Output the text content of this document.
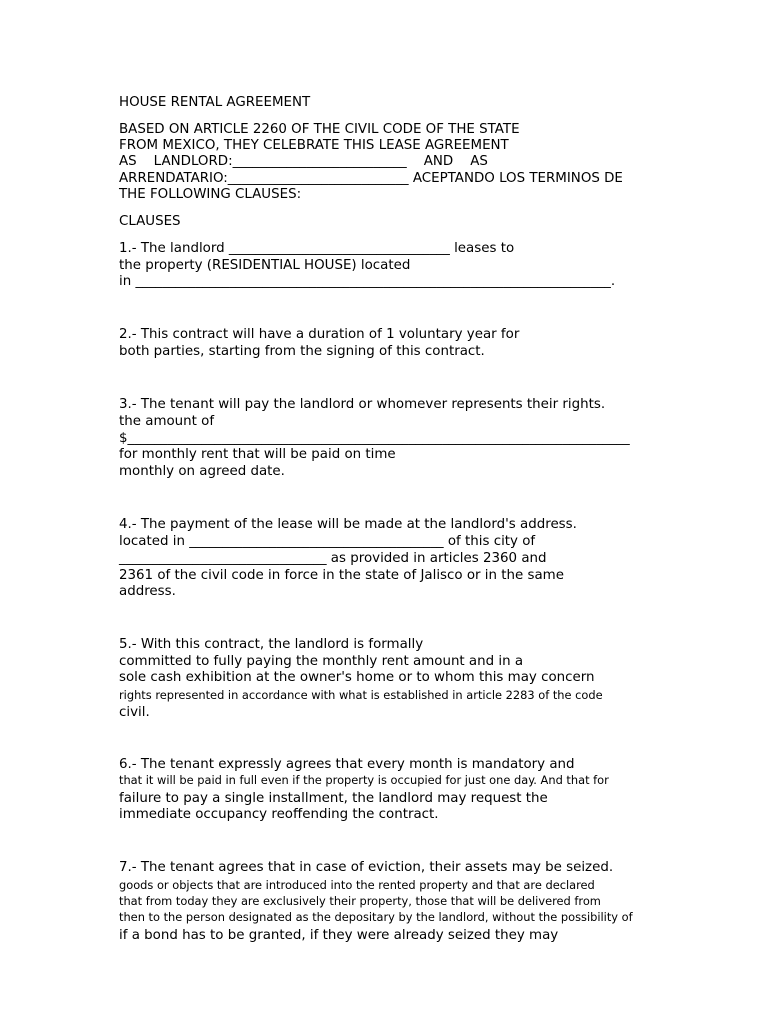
HOUSE RENTAL AGREEMENT
BASED ON ARTICLE 2260 OF THE CIVIL CODE OF THE STATE
FROM MEXICO, THEY CELEBRATE THIS LEASE AGREEMENT
AS    LANDLORD:__________________________    AND    AS
ARRENDATARIO:___________________________ ACEPTANDO LOS TERMINOS DE
THE FOLLOWING CLAUSES:
CLAUSES
1.- The landlord _________________________________ leases to
the property (RESIDENTIAL HOUSE) located
in _______________________________________________________________________.
2.- This contract will have a duration of 1 voluntary year for
both parties, starting from the signing of this contract.
3.- The tenant will pay the landlord or whomever represents their rights.
the amount of
$___________________________________________________________________________
for monthly rent that will be paid on time
monthly on agreed date.
4.- The payment of the lease will be made at the landlord's address.
located in ______________________________________ of this city of
_______________________________ as provided in articles 2360 and
2361 of the civil code in force in the state of Jalisco or in the same
address.
5.- With this contract, the landlord is formally
committed to fully paying the monthly rent amount and in a
sole cash exhibition at the owner's home or to whom this may concern
rights represented in accordance with what is established in article 2283 of the code
civil.
6.- The tenant expressly agrees that every month is mandatory and
that it will be paid in full even if the property is occupied for just one day. And that for
failure to pay a single installment, the landlord may request the
immediate occupancy reoffending the contract.
7.- The tenant agrees that in case of eviction, their assets may be seized.
goods or objects that are introduced into the rented property and that are declared
that from today they are exclusively their property, those that will be delivered from
then to the person designated as the depositary by the landlord, without the possibility of
if a bond has to be granted, if they were already seized they may
